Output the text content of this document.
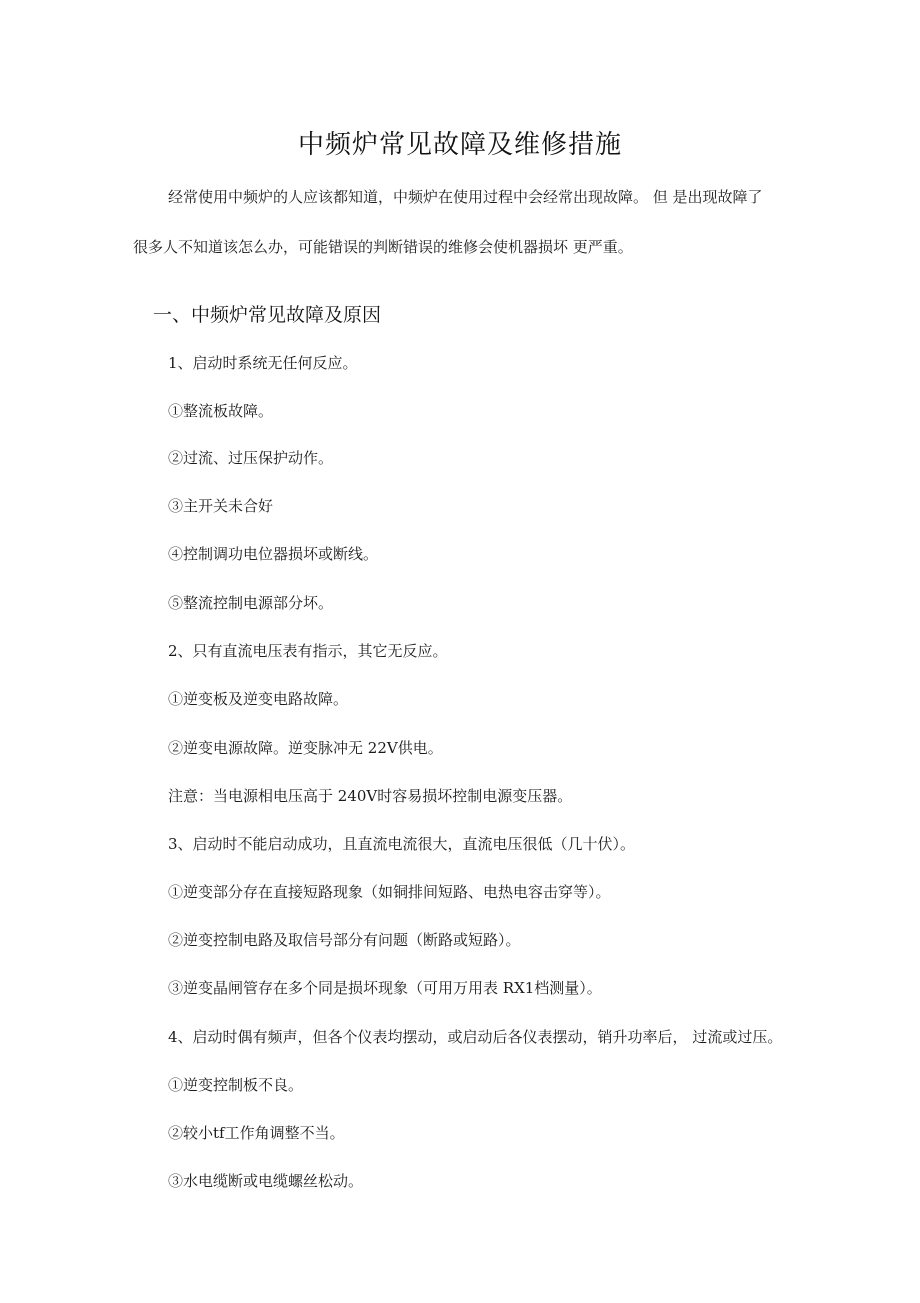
中频炉常见故障及维修措施
经常使用中频炉的人应该都知道，中频炉在使用过程中会经常出现故障。 但 是出现故障了
很多人不知道该怎么办，可能错误的判断错误的维修会使机器损坏 更严重。
一、中频炉常见故障及原因
1、启动时系统无任何反应。
①整流板故障。
②过流、过压保护动作。
③主开关未合好
④控制调功电位器损坏或断线。
⑤整流控制电源部分坏。
2、只有直流电压表有指示，其它无反应。
①逆变板及逆变电路故障。
②逆变电源故障。逆变脉冲无 22V供电。
注意：当电源相电压高于 240V时容易损坏控制电源变压器。
3、启动时不能启动成功，且直流电流很大，直流电压很低（几十伏）。
①逆变部分存在直接短路现象（如铜排间短路、电热电容击穿等）。
②逆变控制电路及取信号部分有问题（断路或短路）。
③逆变晶闸管存在多个同是损坏现象（可用万用表 RX1档测量）。
4、启动时偶有频声，但各个仪表均摆动，或启动后各仪表摆动，销升功率后， 过流或过压。
①逆变控制板不良。
②较小tf工作角调整不当。
③水电缆断或电缆螺丝松动。
